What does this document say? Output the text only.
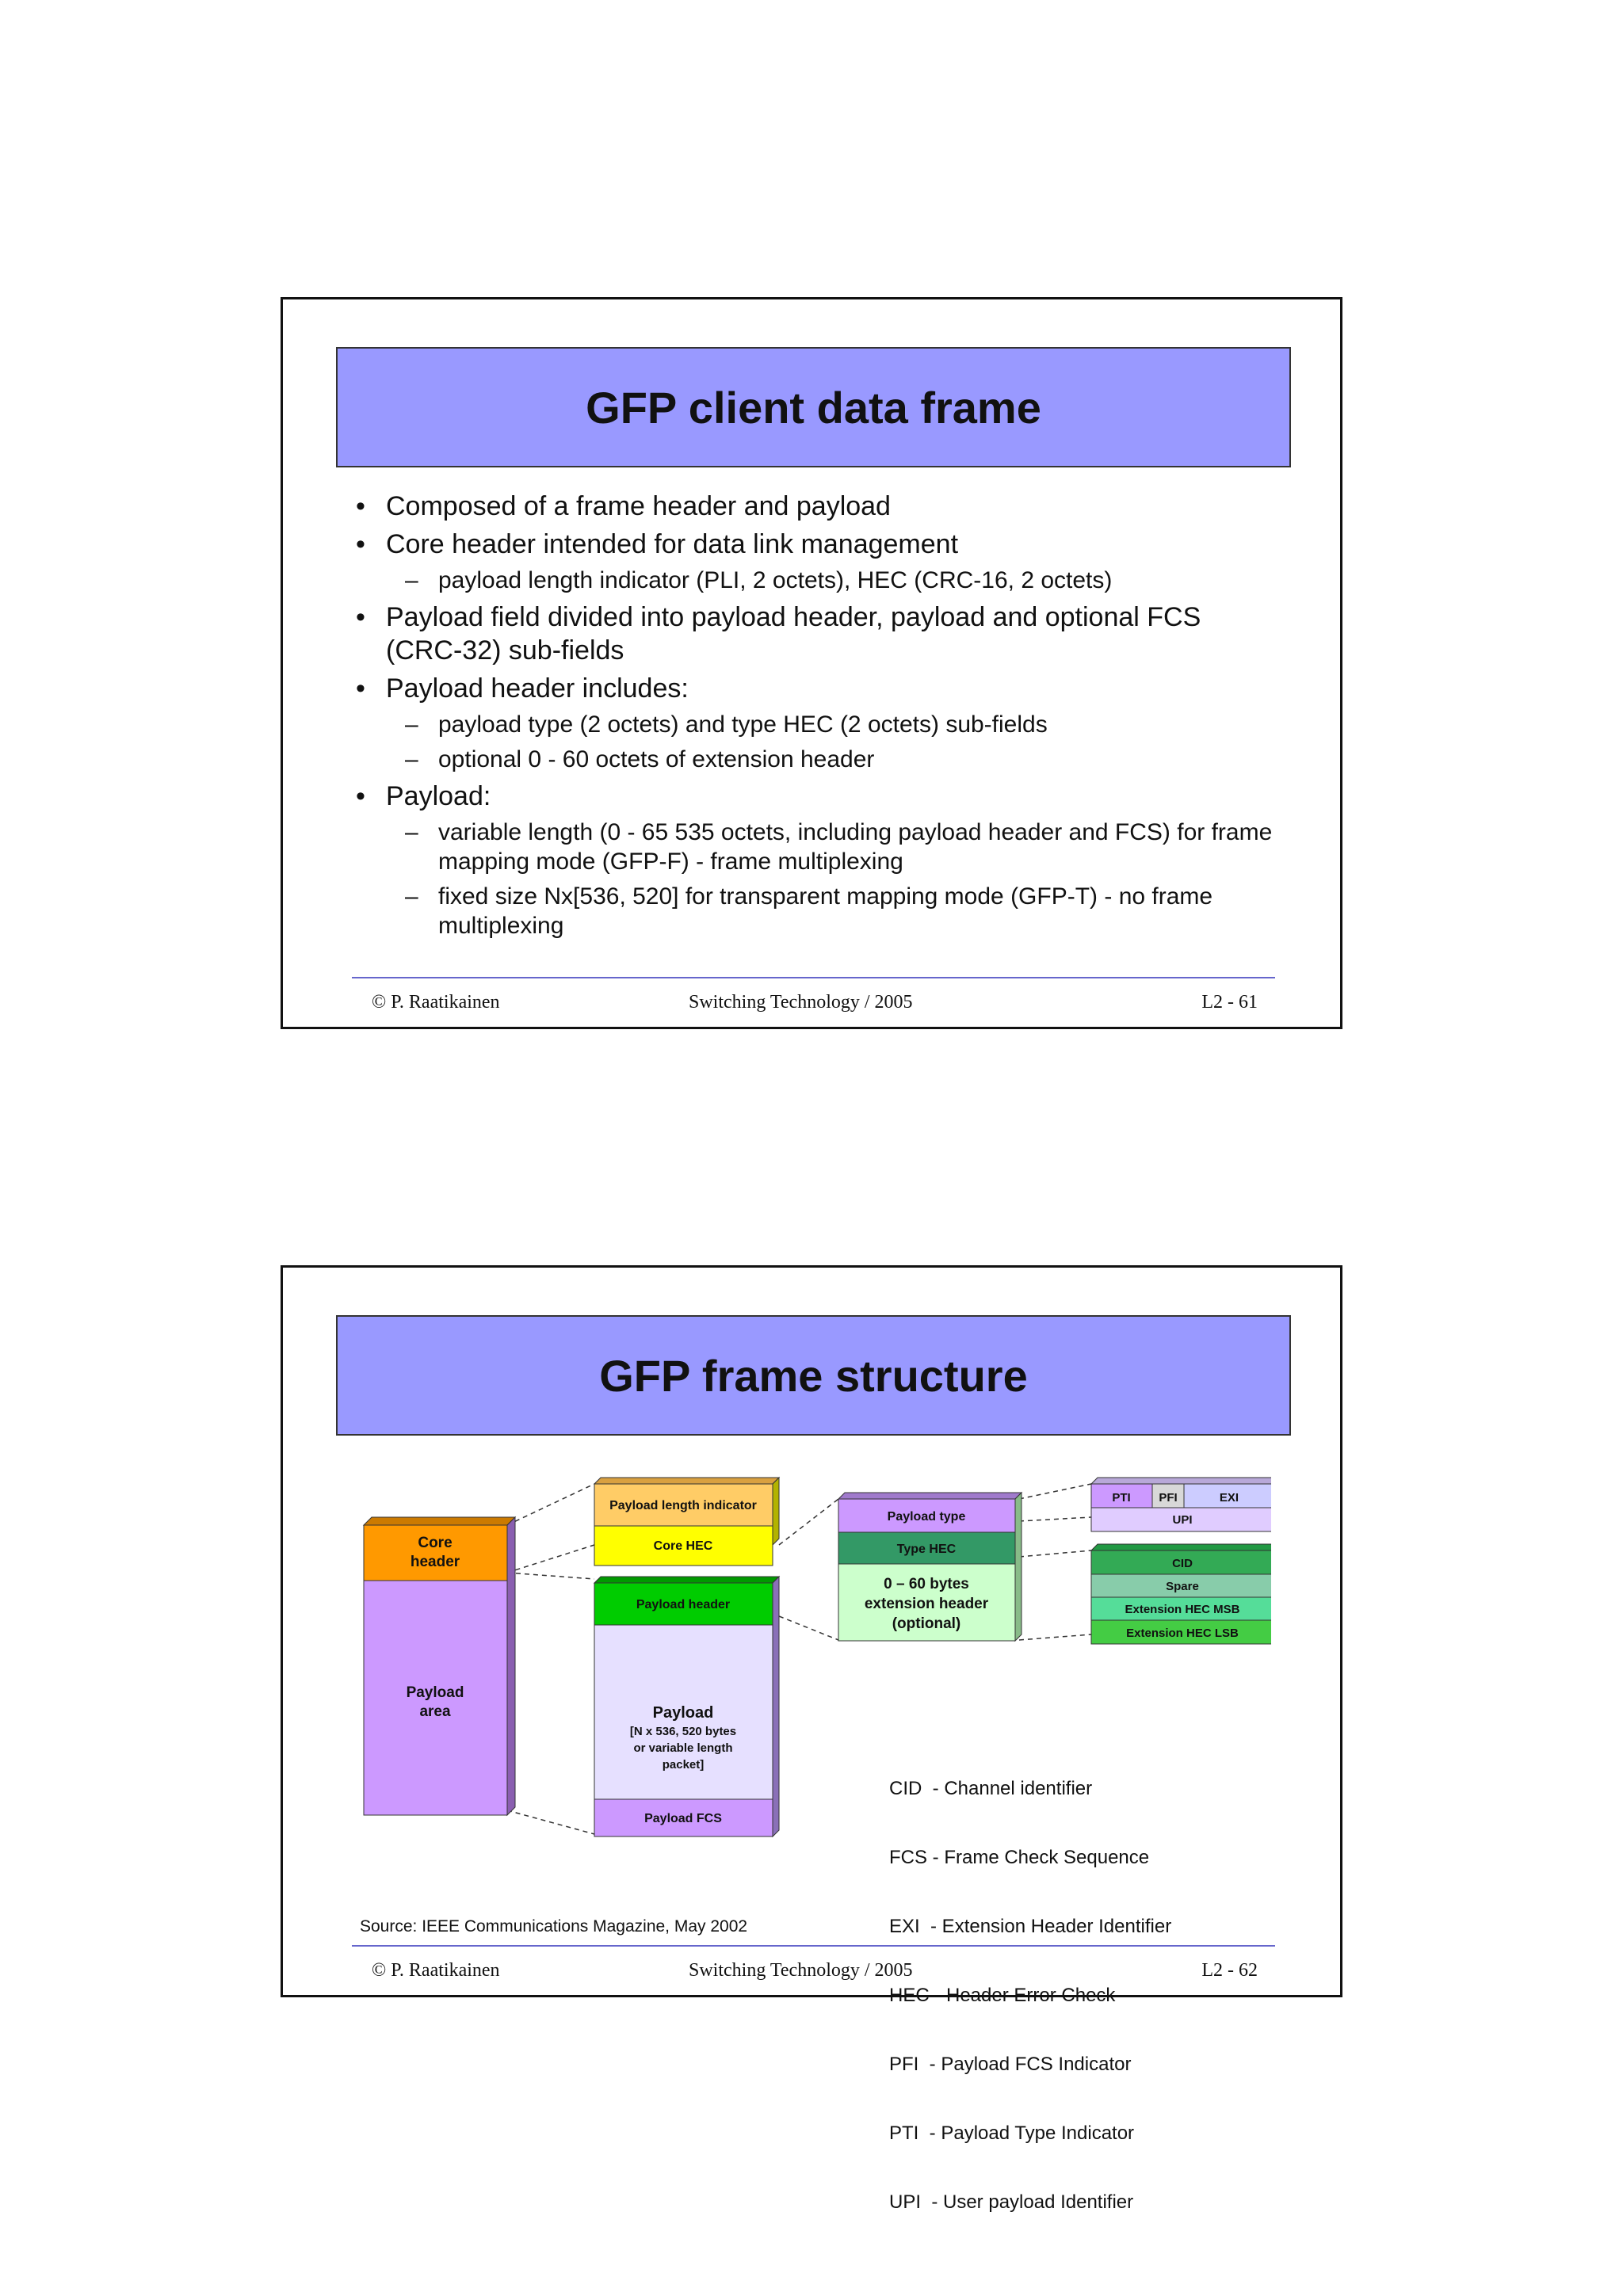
GFP client data frame
• Composed of a frame header and payload
• Core header intended for data link management
– payload length indicator (PLI, 2 octets), HEC (CRC-16, 2 octets)
• Payload field divided into payload header, payload and optional FCS (CRC-32) sub-fields
• Payload header includes:
– payload type (2 octets) and type HEC (2 octets) sub-fields
– optional 0 - 60 octets of extension header
• Payload:
– variable length (0 - 65 535 octets, including payload header and FCS) for frame mapping mode (GFP-F) - frame multiplexing
– fixed size Nx[536, 520] for transparent mapping mode (GFP-T) - no frame multiplexing
© P. Raatikainen	Switching Technology / 2005	L2 - 61
GFP frame structure
Core
header
Payload
area
Payload length indicator
Core HEC
Payload header
Payload
[N x 536, 520 bytes
or variable length
packet]
Payload FCS
Payload type
Type HEC
0 – 60 bytes
extension header
(optional)
PTI PFI	EXI
UPI
CID
Spare
Extension HEC MSB
Extension HEC LSB

CID  - Channel identifier

FCS - Frame Check Sequence

EXI  - Extension Header Identifier

HEC - Header Error Check

PFI  - Payload FCS Indicator

PTI  - Payload Type Indicator

UPI  - User payload Identifier

Source: IEEE Communications Magazine, May 2002
© P. Raatikainen	Switching Technology / 2005	L2 - 62
